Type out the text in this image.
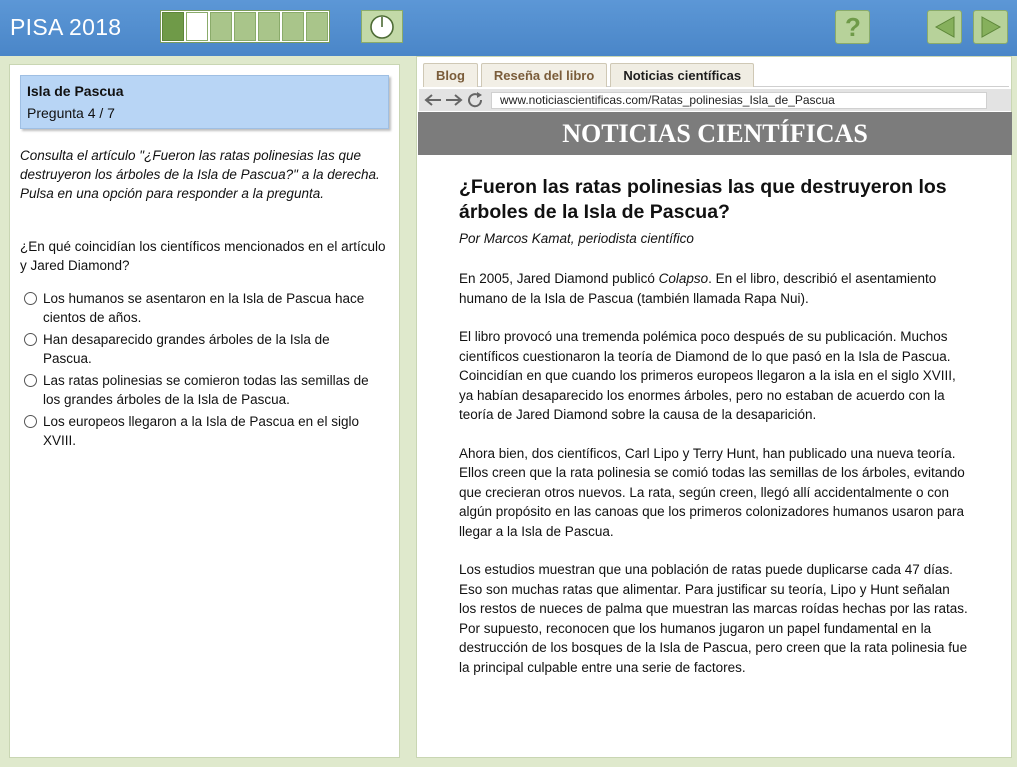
PISA 2018	?
Isla de Pascua
Pregunta 4 / 7
Consulta el artículo "¿Fueron las ratas polinesias las que destruyeron los árboles de la Isla de Pascua?" a la derecha. Pulsa en una opción para responder a la pregunta.
¿En qué coincidían los científicos mencionados en el artículo y Jared Diamond?
Los humanos se asentaron en la Isla de Pascua hace cientos de años.
Han desaparecido grandes árboles de la Isla de Pascua.
Las ratas polinesias se comieron todas las semillas de los grandes árboles de la Isla de Pascua.
Los europeos llegaron a la Isla de Pascua en el siglo XVIII.
Blog	Reseña del libro	Noticias científicas
www.noticiascientificas.com/Ratas_polinesias_Isla_de_Pascua
NOTICIAS CIENTÍFICAS
¿Fueron las ratas polinesias las que destruyeron los árboles de la Isla de Pascua?
Por Marcos Kamat, periodista científico
En 2005, Jared Diamond publicó Colapso. En el libro, describió el asentamiento humano de la Isla de Pascua (también llamada Rapa Nui).
El libro provocó una tremenda polémica poco después de su publicación. Muchos científicos cuestionaron la teoría de Diamond de lo que pasó en la Isla de Pascua. Coincidían en que cuando los primeros europeos llegaron a la isla en el siglo XVIII, ya habían desaparecido los enormes árboles, pero no estaban de acuerdo con la teoría de Jared Diamond sobre la causa de la desaparición.
Ahora bien, dos científicos, Carl Lipo y Terry Hunt, han publicado una nueva teoría. Ellos creen que la rata polinesia se comió todas las semillas de los árboles, evitando que crecieran otros nuevos. La rata, según creen, llegó allí accidentalmente o con algún propósito en las canoas que los primeros colonizadores humanos usaron para llegar a la Isla de Pascua.
Los estudios muestran que una población de ratas puede duplicarse cada 47 días. Eso son muchas ratas que alimentar. Para justificar su teoría, Lipo y Hunt señalan los restos de nueces de palma que muestran las marcas roídas hechas por las ratas. Por supuesto, reconocen que los humanos jugaron un papel fundamental en la destrucción de los bosques de la Isla de Pascua, pero creen que la rata polinesia fue la principal culpable entre una serie de factores.
